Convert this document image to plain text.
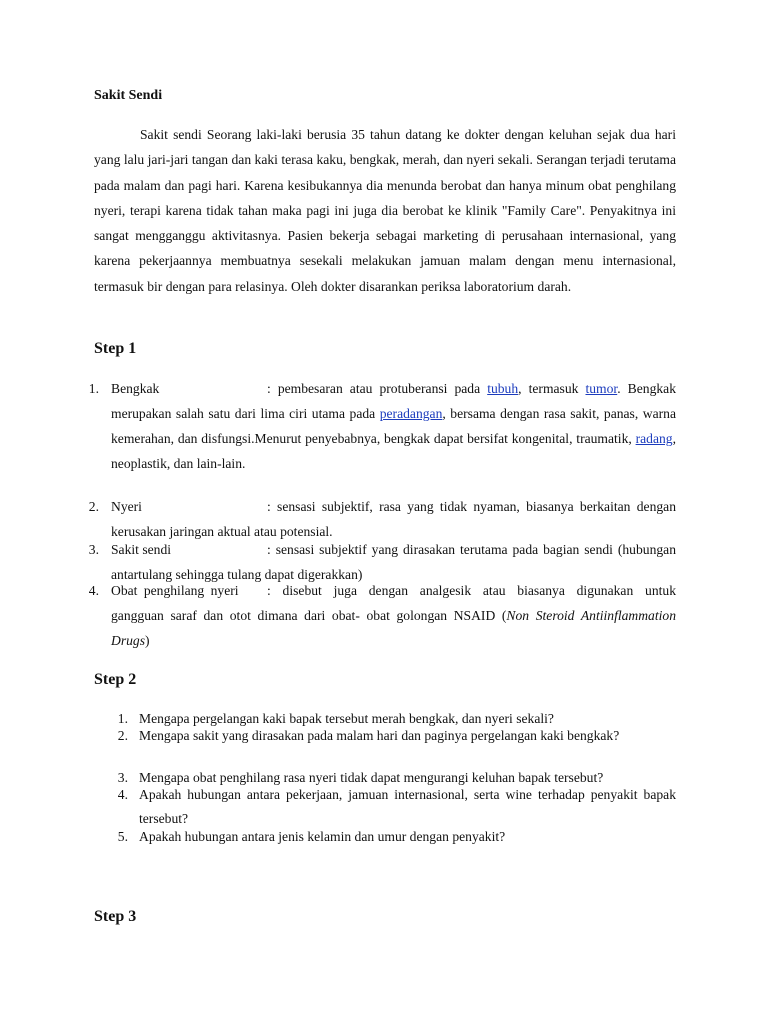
Sakit Sendi
Sakit sendi Seorang laki-laki berusia 35 tahun datang ke dokter dengan keluhan sejak dua hari yang lalu jari-jari tangan dan kaki terasa kaku, bengkak, merah, dan nyeri sekali. Serangan terjadi terutama pada malam dan pagi hari. Karena kesibukannya dia menunda berobat dan hanya minum obat penghilang nyeri, terapi karena tidak tahan maka pagi ini juga dia berobat ke klinik "Family Care". Penyakitnya ini sangat mengganggu aktivitasnya. Pasien bekerja sebagai marketing di perusahaan internasional, yang karena pekerjaannya membuatnya sesekali melakukan jamuan malam dengan menu internasional, termasuk bir dengan para relasinya. Oleh dokter disarankan periksa laboratorium darah.
Step 1
1. Bengkak	: pembesaran atau protuberansi pada tubuh, termasuk tumor. Bengkak merupakan salah satu dari lima ciri utama pada peradangan, bersama dengan rasa sakit, panas, warna kemerahan, dan disfungsi.Menurut penyebabnya, bengkak dapat bersifat kongenital, traumatik, radang, neoplastik, dan lain-lain.
2. Nyeri	: sensasi subjektif, rasa yang tidak nyaman, biasanya berkaitan dengan kerusakan jaringan aktual atau potensial.
3. Sakit sendi	: sensasi subjektif yang dirasakan terutama pada bagian sendi (hubungan antartulang sehingga tulang dapat digerakkan)
4. Obat penghilang nyeri : disebut juga dengan analgesik atau biasanya digunakan untuk gangguan saraf dan otot dimana dari obat- obat golongan NSAID (Non Steroid Antiinflammation Drugs)
Step 2
1. Mengapa pergelangan kaki bapak tersebut merah bengkak, dan nyeri sekali?
2. Mengapa sakit yang dirasakan pada malam hari dan paginya pergelangan kaki bengkak?
3. Mengapa obat penghilang rasa nyeri tidak dapat mengurangi keluhan bapak tersebut?
4. Apakah hubungan antara pekerjaan, jamuan internasional, serta wine terhadap penyakit bapak tersebut?
5. Apakah hubungan antara jenis kelamin dan umur dengan penyakit?
Step 3
